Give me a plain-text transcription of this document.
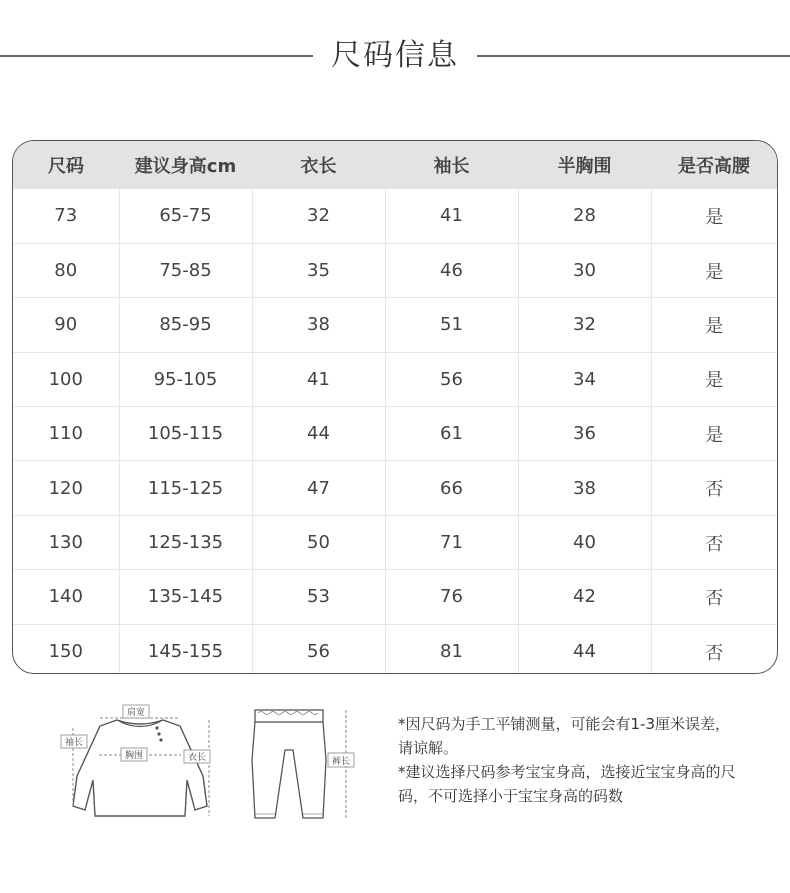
尺码信息
尺码	建议身高cm	衣长	袖长	半胸围	是否高腰
73	65-75	32	41	28	是
80	75-85	35	46	30	是
90	85-95	38	51	32	是
100	95-105	41	56	34	是
110	105-115	44	61	36	是
120	115-125	47	66	38	否
130	125-135	50	71	40	否
140	135-145	53	76	42	否
150	145-155	56	81	44	否
肩宽
袖长
胸围	衣长	裤长

*因尺码为手工平铺测量，可能会有1-3厘米误差，请谅解。

*建议选择尺码参考宝宝身高，选接近宝宝身高的尺码，不可选择小于宝宝身高的码数
